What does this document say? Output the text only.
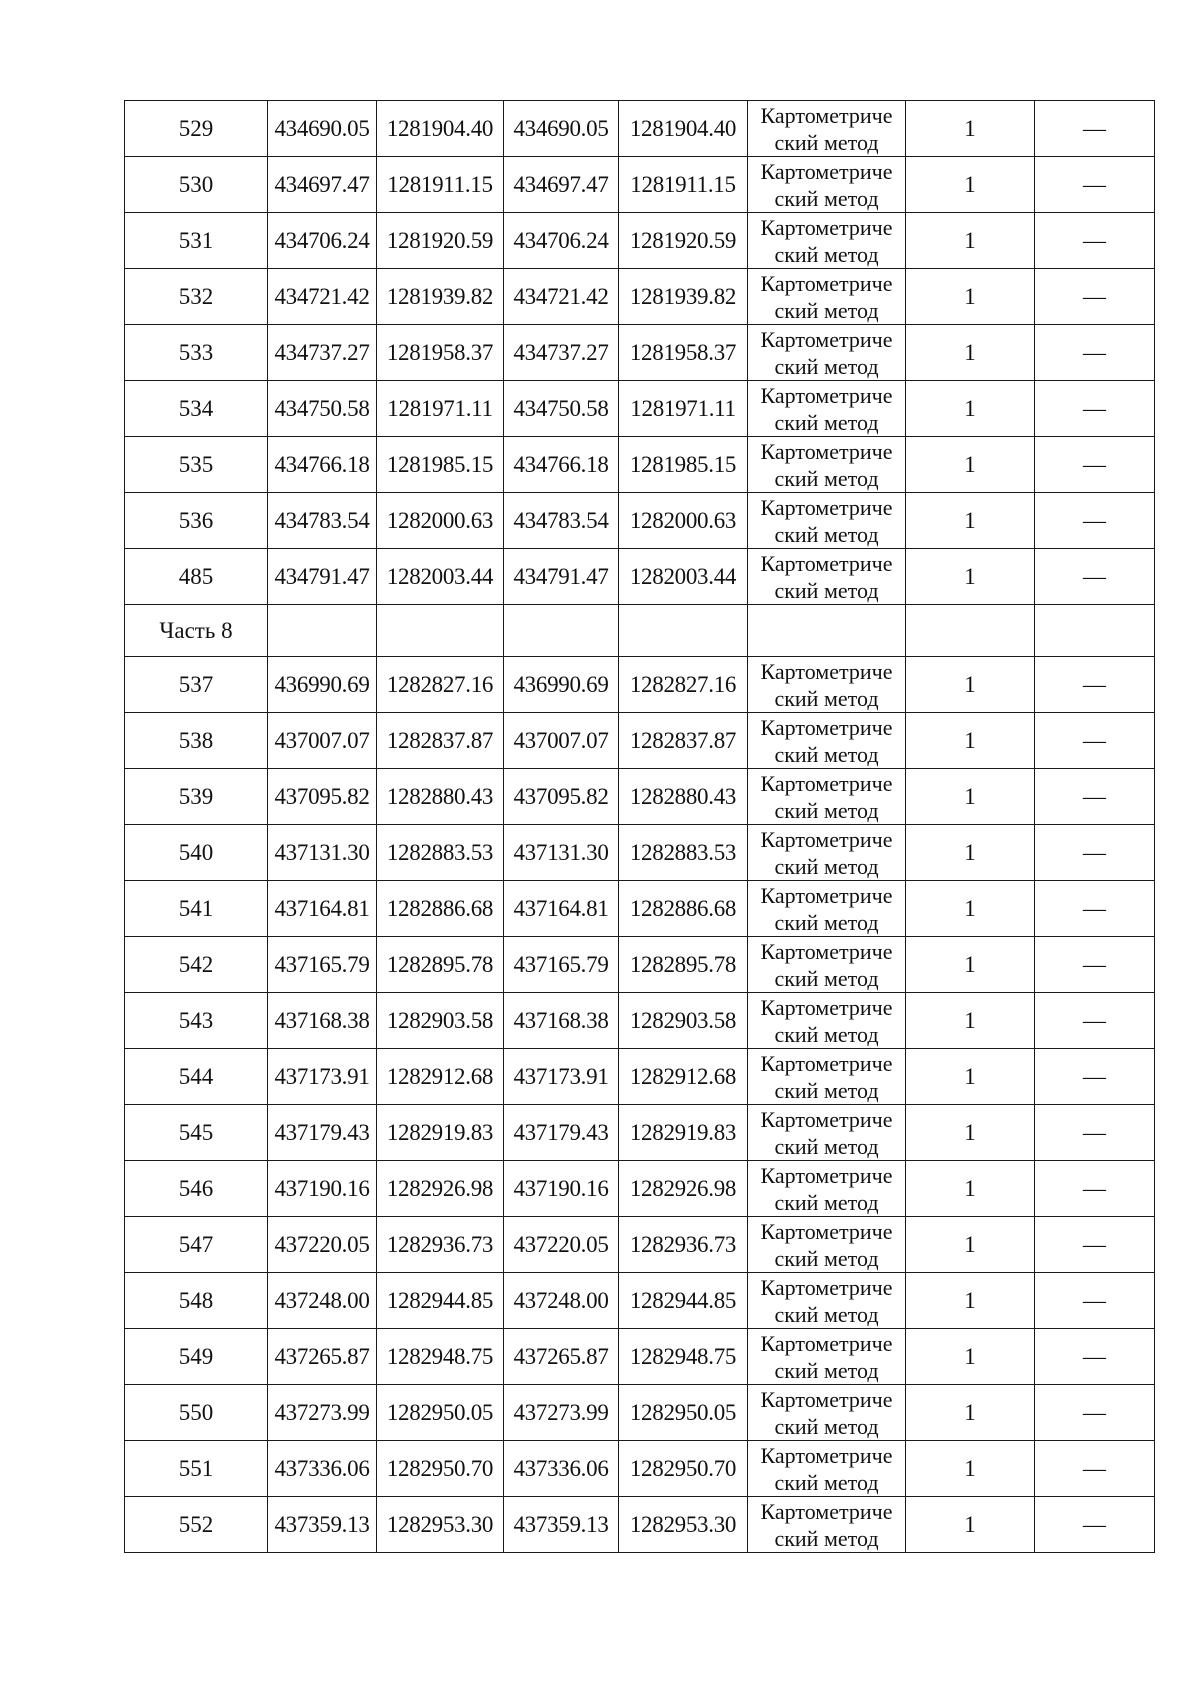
529	434690.05	1281904.40	434690.05	1281904.40	Картометриче
ский метод	1	—
530	434697.47	1281911.15	434697.47	1281911.15	Картометриче
ский метод	1	—
531	434706.24	1281920.59	434706.24	1281920.59	Картометриче
ский метод	1	—
532	434721.42	1281939.82	434721.42	1281939.82	Картометриче
ский метод	1	—
533	434737.27	1281958.37	434737.27	1281958.37	Картометриче
ский метод	1	—
534	434750.58	1281971.11	434750.58	1281971.11	Картометриче
ский метод	1	—
535	434766.18	1281985.15	434766.18	1281985.15	Картометриче
ский метод	1	—
536	434783.54	1282000.63	434783.54	1282000.63	Картометриче
ский метод	1	—
485	434791.47	1282003.44	434791.47	1282003.44	Картометриче
ский метод	1	—
Часть 8							
537	436990.69	1282827.16	436990.69	1282827.16	Картометриче
ский метод	1	—
538	437007.07	1282837.87	437007.07	1282837.87	Картометриче
ский метод	1	—
539	437095.82	1282880.43	437095.82	1282880.43	Картометриче
ский метод	1	—
540	437131.30	1282883.53	437131.30	1282883.53	Картометриче
ский метод	1	—
541	437164.81	1282886.68	437164.81	1282886.68	Картометриче
ский метод	1	—
542	437165.79	1282895.78	437165.79	1282895.78	Картометриче
ский метод	1	—
543	437168.38	1282903.58	437168.38	1282903.58	Картометриче
ский метод	1	—
544	437173.91	1282912.68	437173.91	1282912.68	Картометриче
ский метод	1	—
545	437179.43	1282919.83	437179.43	1282919.83	Картометриче
ский метод	1	—
546	437190.16	1282926.98	437190.16	1282926.98	Картометриче
ский метод	1	—
547	437220.05	1282936.73	437220.05	1282936.73	Картометриче
ский метод	1	—
548	437248.00	1282944.85	437248.00	1282944.85	Картометриче
ский метод	1	—
549	437265.87	1282948.75	437265.87	1282948.75	Картометриче
ский метод	1	—
550	437273.99	1282950.05	437273.99	1282950.05	Картометриче
ский метод	1	—
551	437336.06	1282950.70	437336.06	1282950.70	Картометриче
ский метод	1	—
552	437359.13	1282953.30	437359.13	1282953.30	Картометриче
ский метод	1	—
